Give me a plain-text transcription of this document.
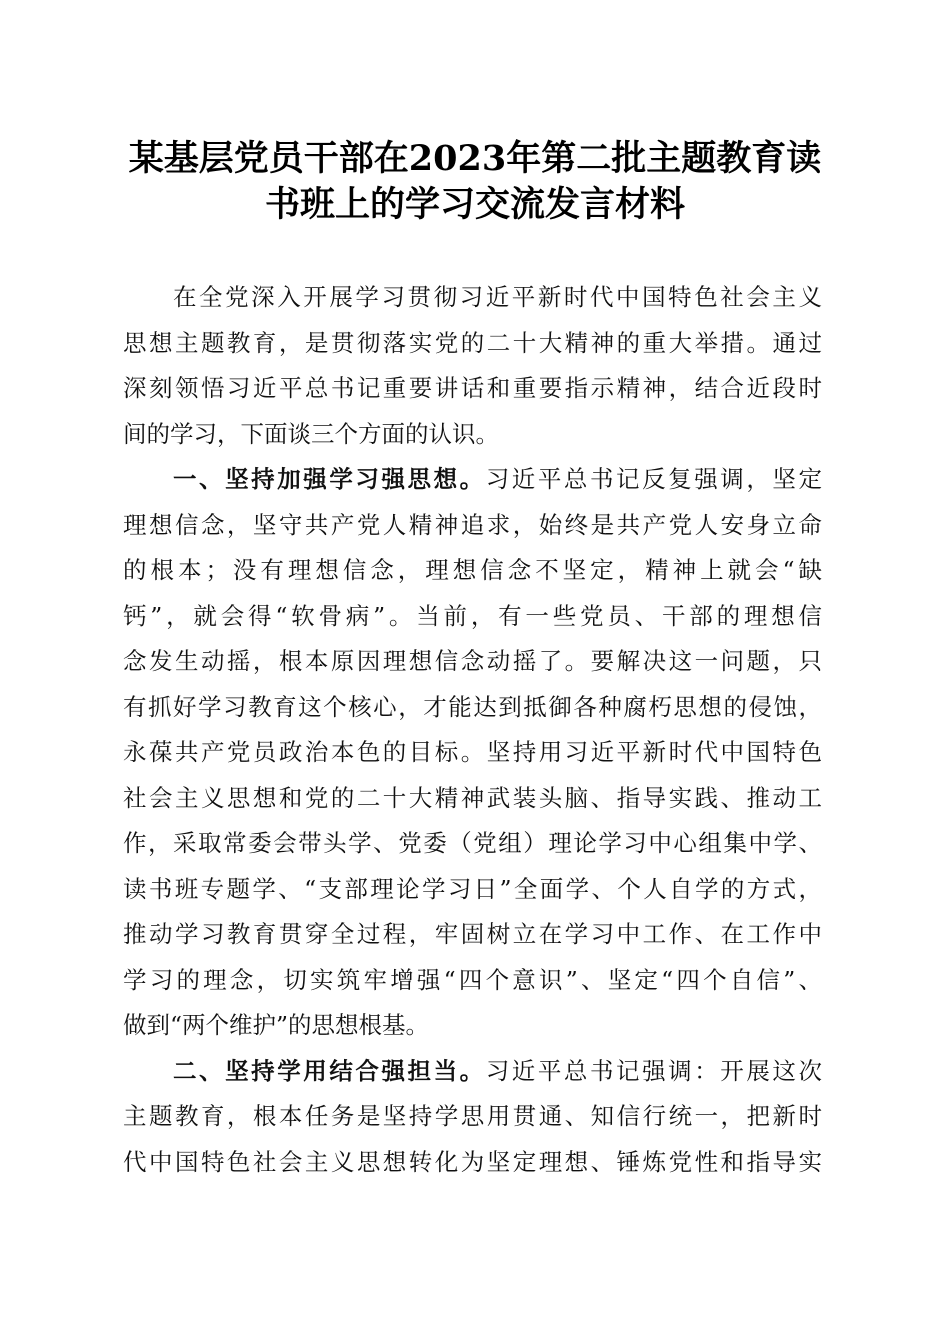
某基层党员干部在2023年第二批主题教育读
书班上的学习交流发言材料
在全党深入开展学习贯彻习近平新时代中国特色社会主义
思想主题教育，是贯彻落实党的二十大精神的重大举措。通过
深刻领悟习近平总书记重要讲话和重要指示精神，结合近段时
间的学习，下面谈三个方面的认识。
一、坚持加强学习强思想。习近平总书记反复强调，坚定
理想信念，坚守共产党人精神追求，始终是共产党人安身立命
的根本；没有理想信念，理想信念不坚定，精神上就会“缺
钙”，就会得“软骨病”。当前，有一些党员、干部的理想信
念发生动摇，根本原因理想信念动摇了。要解决这一问题，只
有抓好学习教育这个核心，才能达到抵御各种腐朽思想的侵蚀，
永葆共产党员政治本色的目标。坚持用习近平新时代中国特色
社会主义思想和党的二十大精神武装头脑、指导实践、推动工
作，采取常委会带头学、党委（党组）理论学习中心组集中学、
读书班专题学、“支部理论学习日”全面学、个人自学的方式，
推动学习教育贯穿全过程，牢固树立在学习中工作、在工作中
学习的理念，切实筑牢增强“四个意识”、坚定“四个自信”、
做到“两个维护”的思想根基。
二、坚持学用结合强担当。习近平总书记强调：开展这次
主题教育，根本任务是坚持学思用贯通、知信行统一，把新时
代中国特色社会主义思想转化为坚定理想、锤炼党性和指导实
